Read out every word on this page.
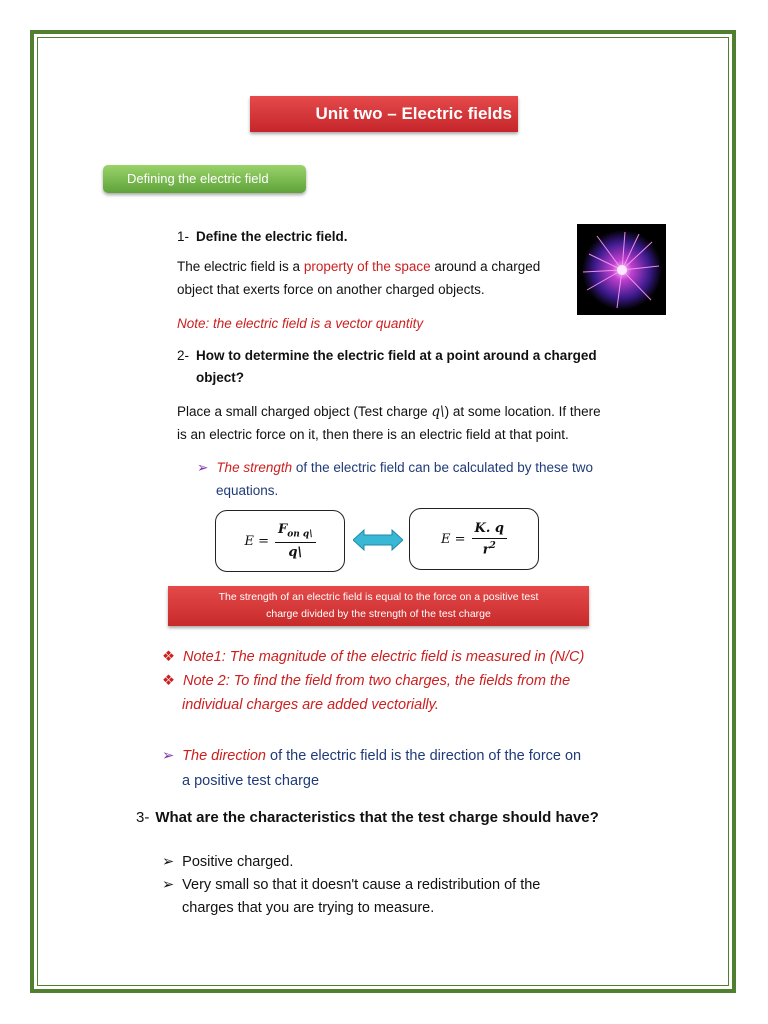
Unit two – Electric fields
Defining the electric field
1- Define the electric field.
The electric field is a property of the space around a charged
object that exerts force on another charged objects.
Note: the electric field is a vector quantity
2- How to determine the electric field at a point around a charged
object?
Place a small charged object (Test charge q\) at some location. If there
is an electric force on it, then there is an electric field at that point.
➢ The strength of the electric field can be calculated by these two
equations.
$E = \frac{F_{on q\backslash}}{q\backslash}$	$E = \frac{K. q}{r^2}$
The strength of an electric field is equal to the force on a positive test
charge divided by the strength of the test charge
❖ Note1: The magnitude of the electric field is measured in (N/C)
❖ Note 2: To find the field from two charges, the fields from the
individual charges are added vectorially.
➢ The direction of the electric field is the direction of the force on
a positive test charge
3- What are the characteristics that the test charge should have?
➢ Positive charged.
➢ Very small so that it doesn't cause a redistribution of the
charges that you are trying to measure.
